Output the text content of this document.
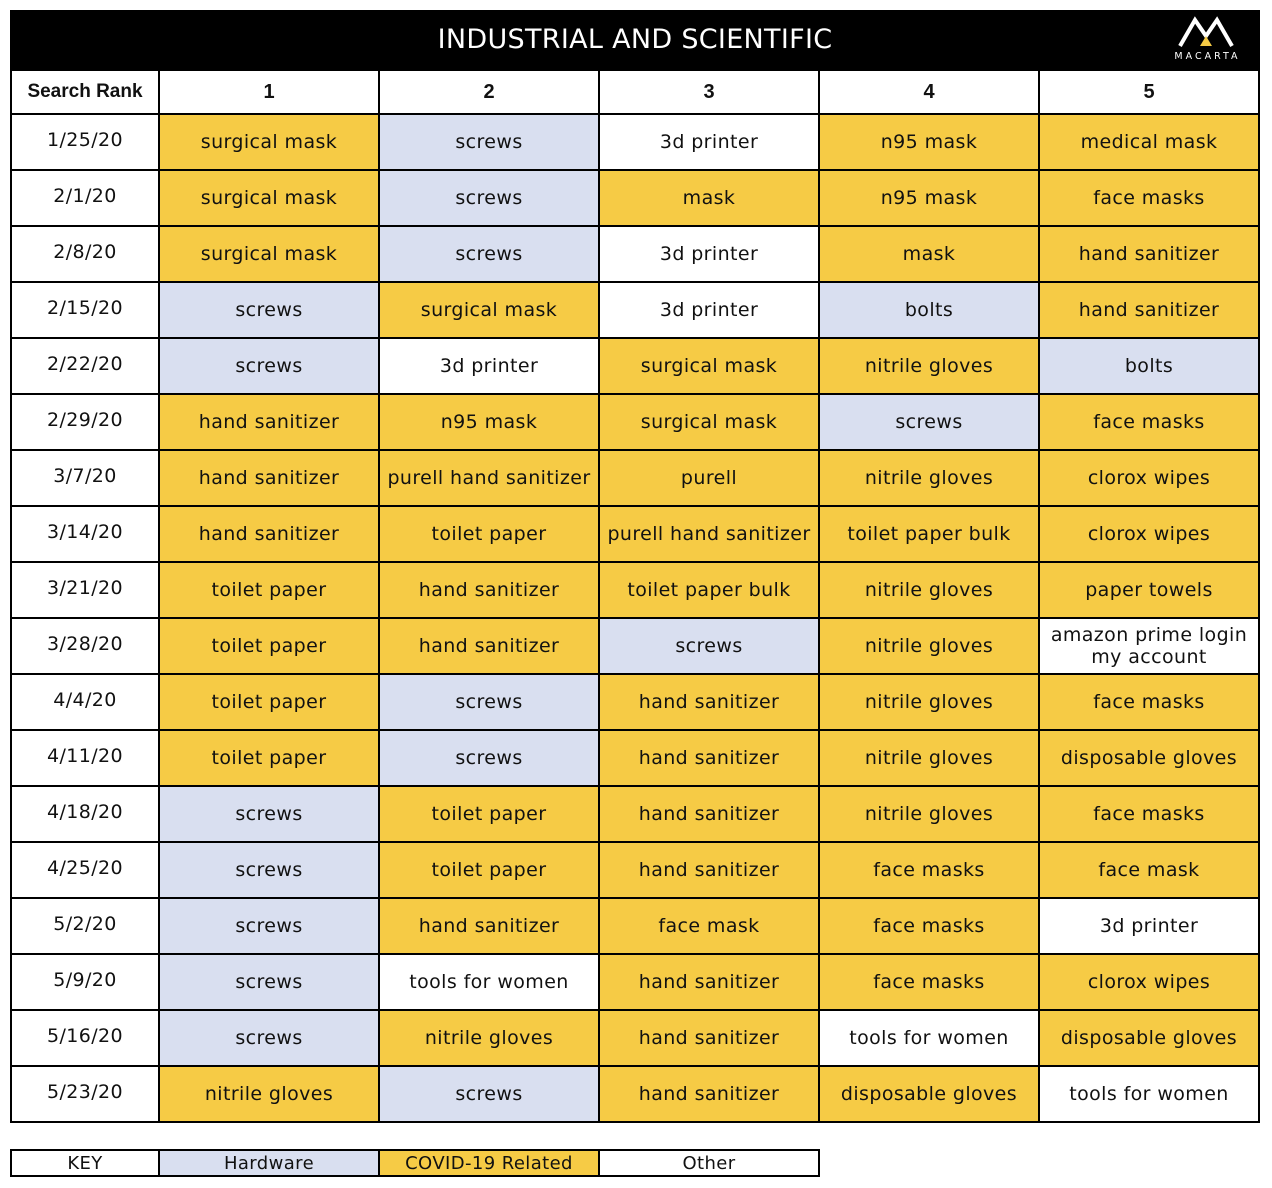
INDUSTRIAL AND SCIENTIFIC
MACARTA
Search Rank	1	2	3	4	5
1/25/20	surgical mask	screws	3d printer	n95 mask	medical mask
2/1/20	surgical mask	screws	mask	n95 mask	face masks
2/8/20	surgical mask	screws	3d printer	mask	hand sanitizer
2/15/20	screws	surgical mask	3d printer	bolts	hand sanitizer
2/22/20	screws	3d printer	surgical mask	nitrile gloves	bolts
2/29/20	hand sanitizer	n95 mask	surgical mask	screws	face masks
3/7/20	hand sanitizer	purell hand sanitizer	purell	nitrile gloves	clorox wipes
3/14/20	hand sanitizer	toilet paper	purell hand sanitizer	toilet paper bulk	clorox wipes
3/21/20	toilet paper	hand sanitizer	toilet paper bulk	nitrile gloves	paper towels
3/28/20	toilet paper	hand sanitizer	screws	nitrile gloves	amazon prime login my account
4/4/20	toilet paper	screws	hand sanitizer	nitrile gloves	face masks
4/11/20	toilet paper	screws	hand sanitizer	nitrile gloves	disposable gloves
4/18/20	screws	toilet paper	hand sanitizer	nitrile gloves	face masks
4/25/20	screws	toilet paper	hand sanitizer	face masks	face mask
5/2/20	screws	hand sanitizer	face mask	face masks	3d printer
5/9/20	screws	tools for women	hand sanitizer	face masks	clorox wipes
5/16/20	screws	nitrile gloves	hand sanitizer	tools for women	disposable gloves
5/23/20	nitrile gloves	screws	hand sanitizer	disposable gloves	tools for women
KEY	Hardware	COVID-19 Related	Other
